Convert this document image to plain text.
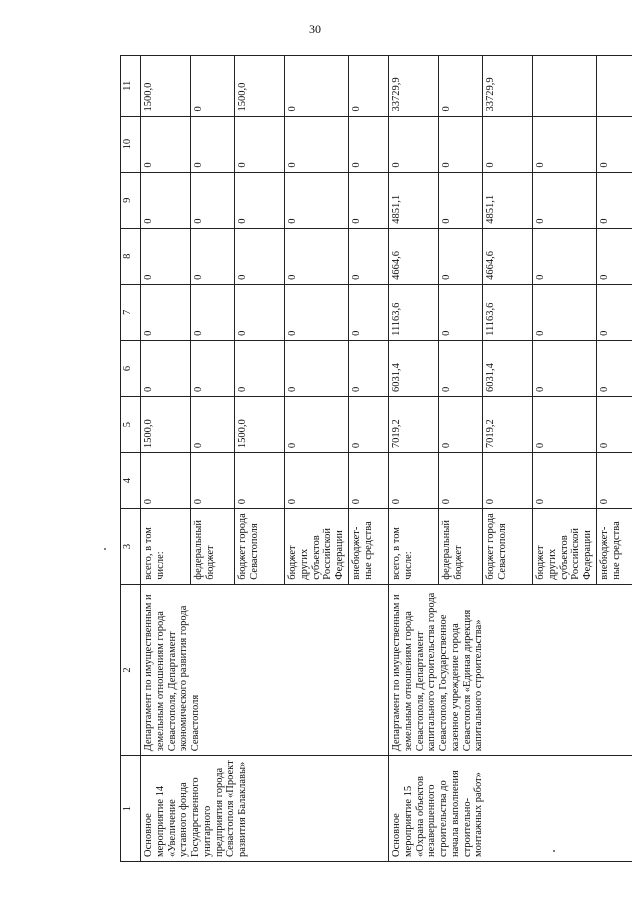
30
1	2	3	4	5	6	7	8	9	10	11
Основное мероприятие 14 «Увеличение уставного фонда Государственного унитарного предприятия города Севастополя «Проект развития Балаклавы»	Департамент по имущественным и земельным отношениям города Севастополя, Департамент экономического развития города Севастополя	всего, в том числе:	0	1500,0	0	0	0	0	0	1500,0
		федеральный бюджет	0	0	0	0	0	0	0	0
		бюджет города Севастополя	0	1500,0	0	0	0	0	0	1500,0
		бюджет других субъектов Российской Федерации	0	0	0	0	0	0	0	0
		внебюджет-ные средства	0	0	0	0	0	0	0	0
Основное мероприятие 15 «Охрана объектов незавершенного строительства до начала выполнения строительно-монтажных работ»	Департамент по имущественным и земельным отношениям города Севастополя, Департамент капитального строительства города Севастополя, Государственное казенное учреждение города Севастополя «Единая дирекция капитального строительства»	всего, в том числе:	0	7019,2	6031,4	11163,6	4664,6	4851,1	0	33729,9
		федеральный бюджет	0	0	0	0	0	0	0	0
		бюджет города Севастополя	0	7019,2	6031,4	11163,6	4664,6	4851,1	0	33729,9
		бюджет других субъектов Российской Федерации	0	0	0	0	0	0	0	
		внебюджет-ные средства	0	0	0	0	0	0	0	
